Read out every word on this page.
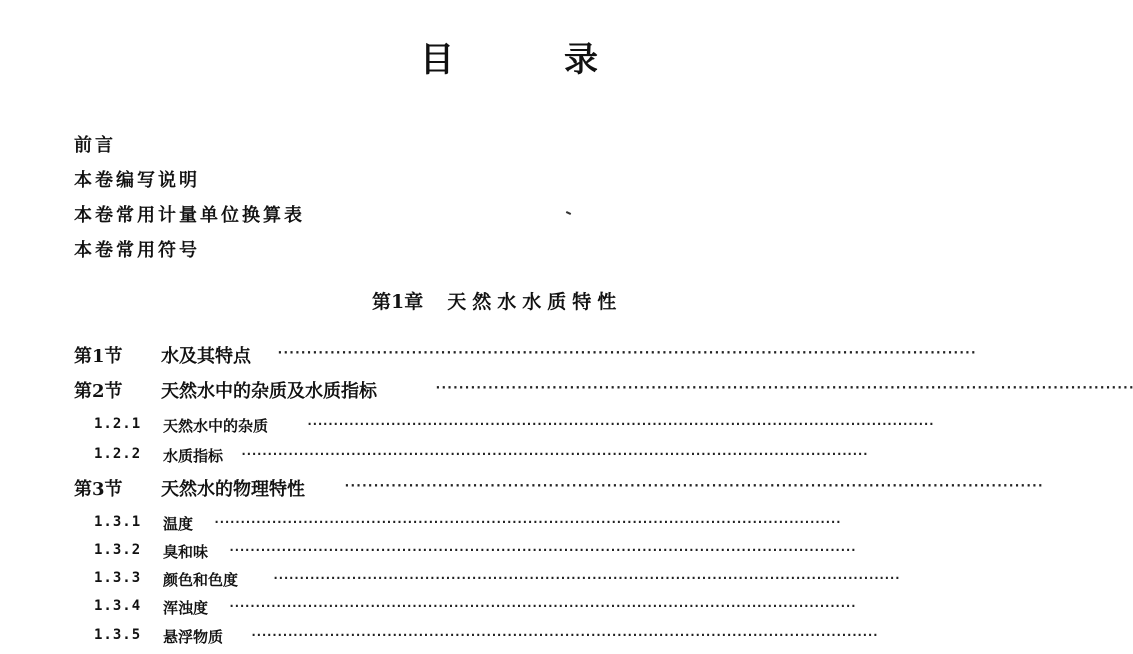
目	录
前言
本卷编写说明
本卷常用计量单位换算表
本卷常用符号
第1章 天然水水质特性
第1节 水及其特点 ························································································································
第2节 天然水中的杂质及水质指标	························································································································
1.2.1 天然水中的杂质	························································································································
1.2.2 水质指标 ························································································································
第3节 天然水的物理特性	························································································································
1.3.1 温度 ························································································································
1.3.2 臭和味 ························································································································
1.3.3 颜色和色度	························································································································
1.3.4 浑浊度 ························································································································
1.3.5 悬浮物质 ························································································································
